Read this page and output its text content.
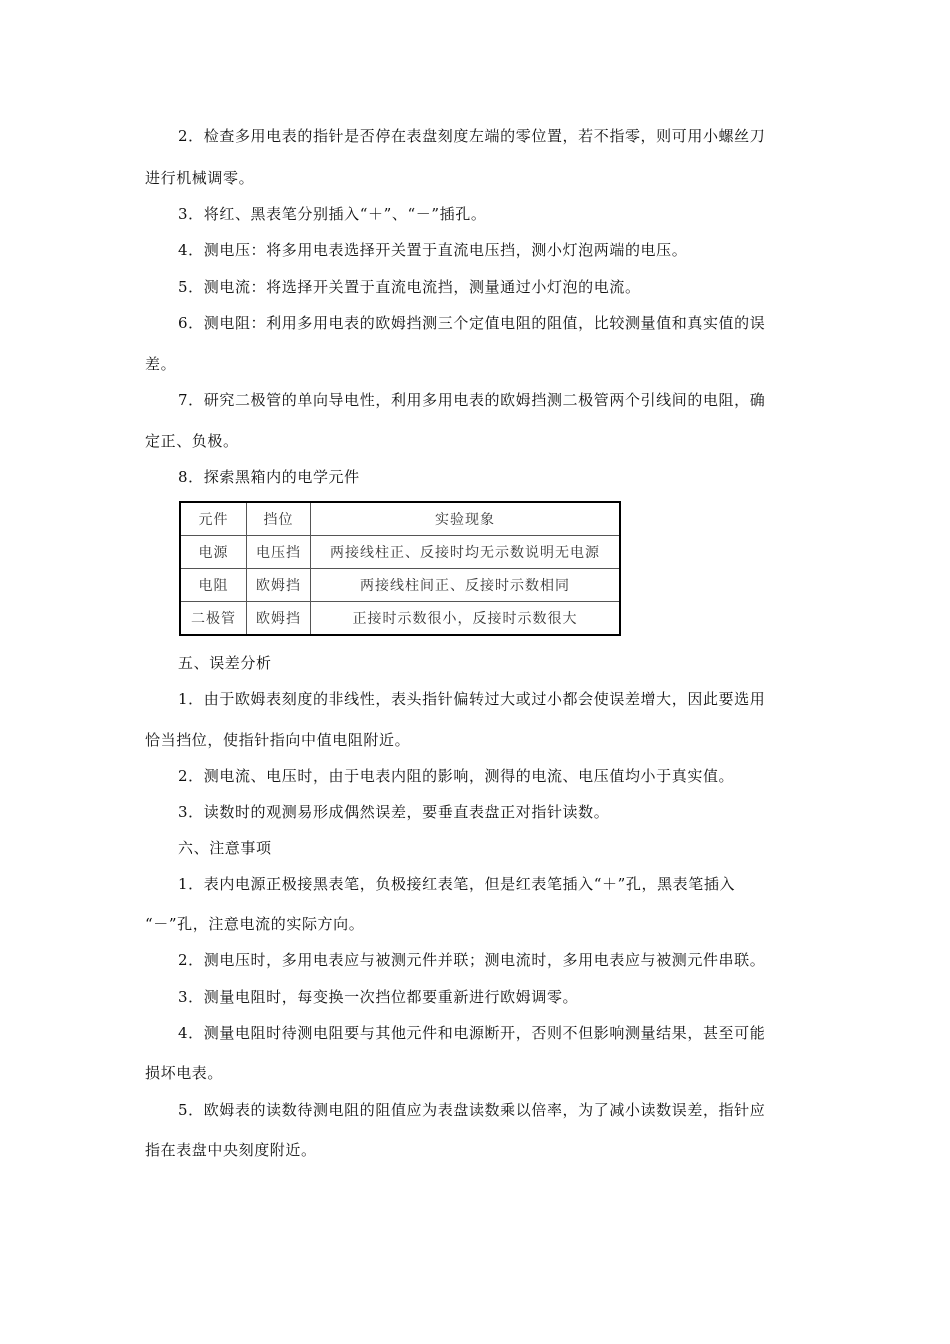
2．检查多用电表的指针是否停在表盘刻度左端的零位置，若不指零，则可用小螺丝刀
进行机械调零。
3．将红、黑表笔分别插入“＋”、“－”插孔。
4．测电压：将多用电表选择开关置于直流电压挡，测小灯泡两端的电压。
5．测电流：将选择开关置于直流电流挡，测量通过小灯泡的电流。
6．测电阻：利用多用电表的欧姆挡测三个定值电阻的阻值，比较测量值和真实值的误
差。
7．研究二极管的单向导电性，利用多用电表的欧姆挡测二极管两个引线间的电阻，确
定正、负极。
8．探索黑箱内的电学元件
元件	挡位	实验现象
电源	电压挡	两接线柱正、反接时均无示数说明无电源
电阻	欧姆挡	两接线柱间正、反接时示数相同
二极管	欧姆挡	正接时示数很小，反接时示数很大
五、误差分析
1．由于欧姆表刻度的非线性，表头指针偏转过大或过小都会使误差增大，因此要选用
恰当挡位，使指针指向中值电阻附近。
2．测电流、电压时，由于电表内阻的影响，测得的电流、电压值均小于真实值。
3．读数时的观测易形成偶然误差，要垂直表盘正对指针读数。
六、注意事项
1．表内电源正极接黑表笔，负极接红表笔，但是红表笔插入“＋”孔，黑表笔插入
“－”孔，注意电流的实际方向。
2．测电压时，多用电表应与被测元件并联；测电流时，多用电表应与被测元件串联。
3．测量电阻时，每变换一次挡位都要重新进行欧姆调零。
4．测量电阻时待测电阻要与其他元件和电源断开，否则不但影响测量结果，甚至可能
损坏电表。
5．欧姆表的读数待测电阻的阻值应为表盘读数乘以倍率，为了减小读数误差，指针应
指在表盘中央刻度附近。
